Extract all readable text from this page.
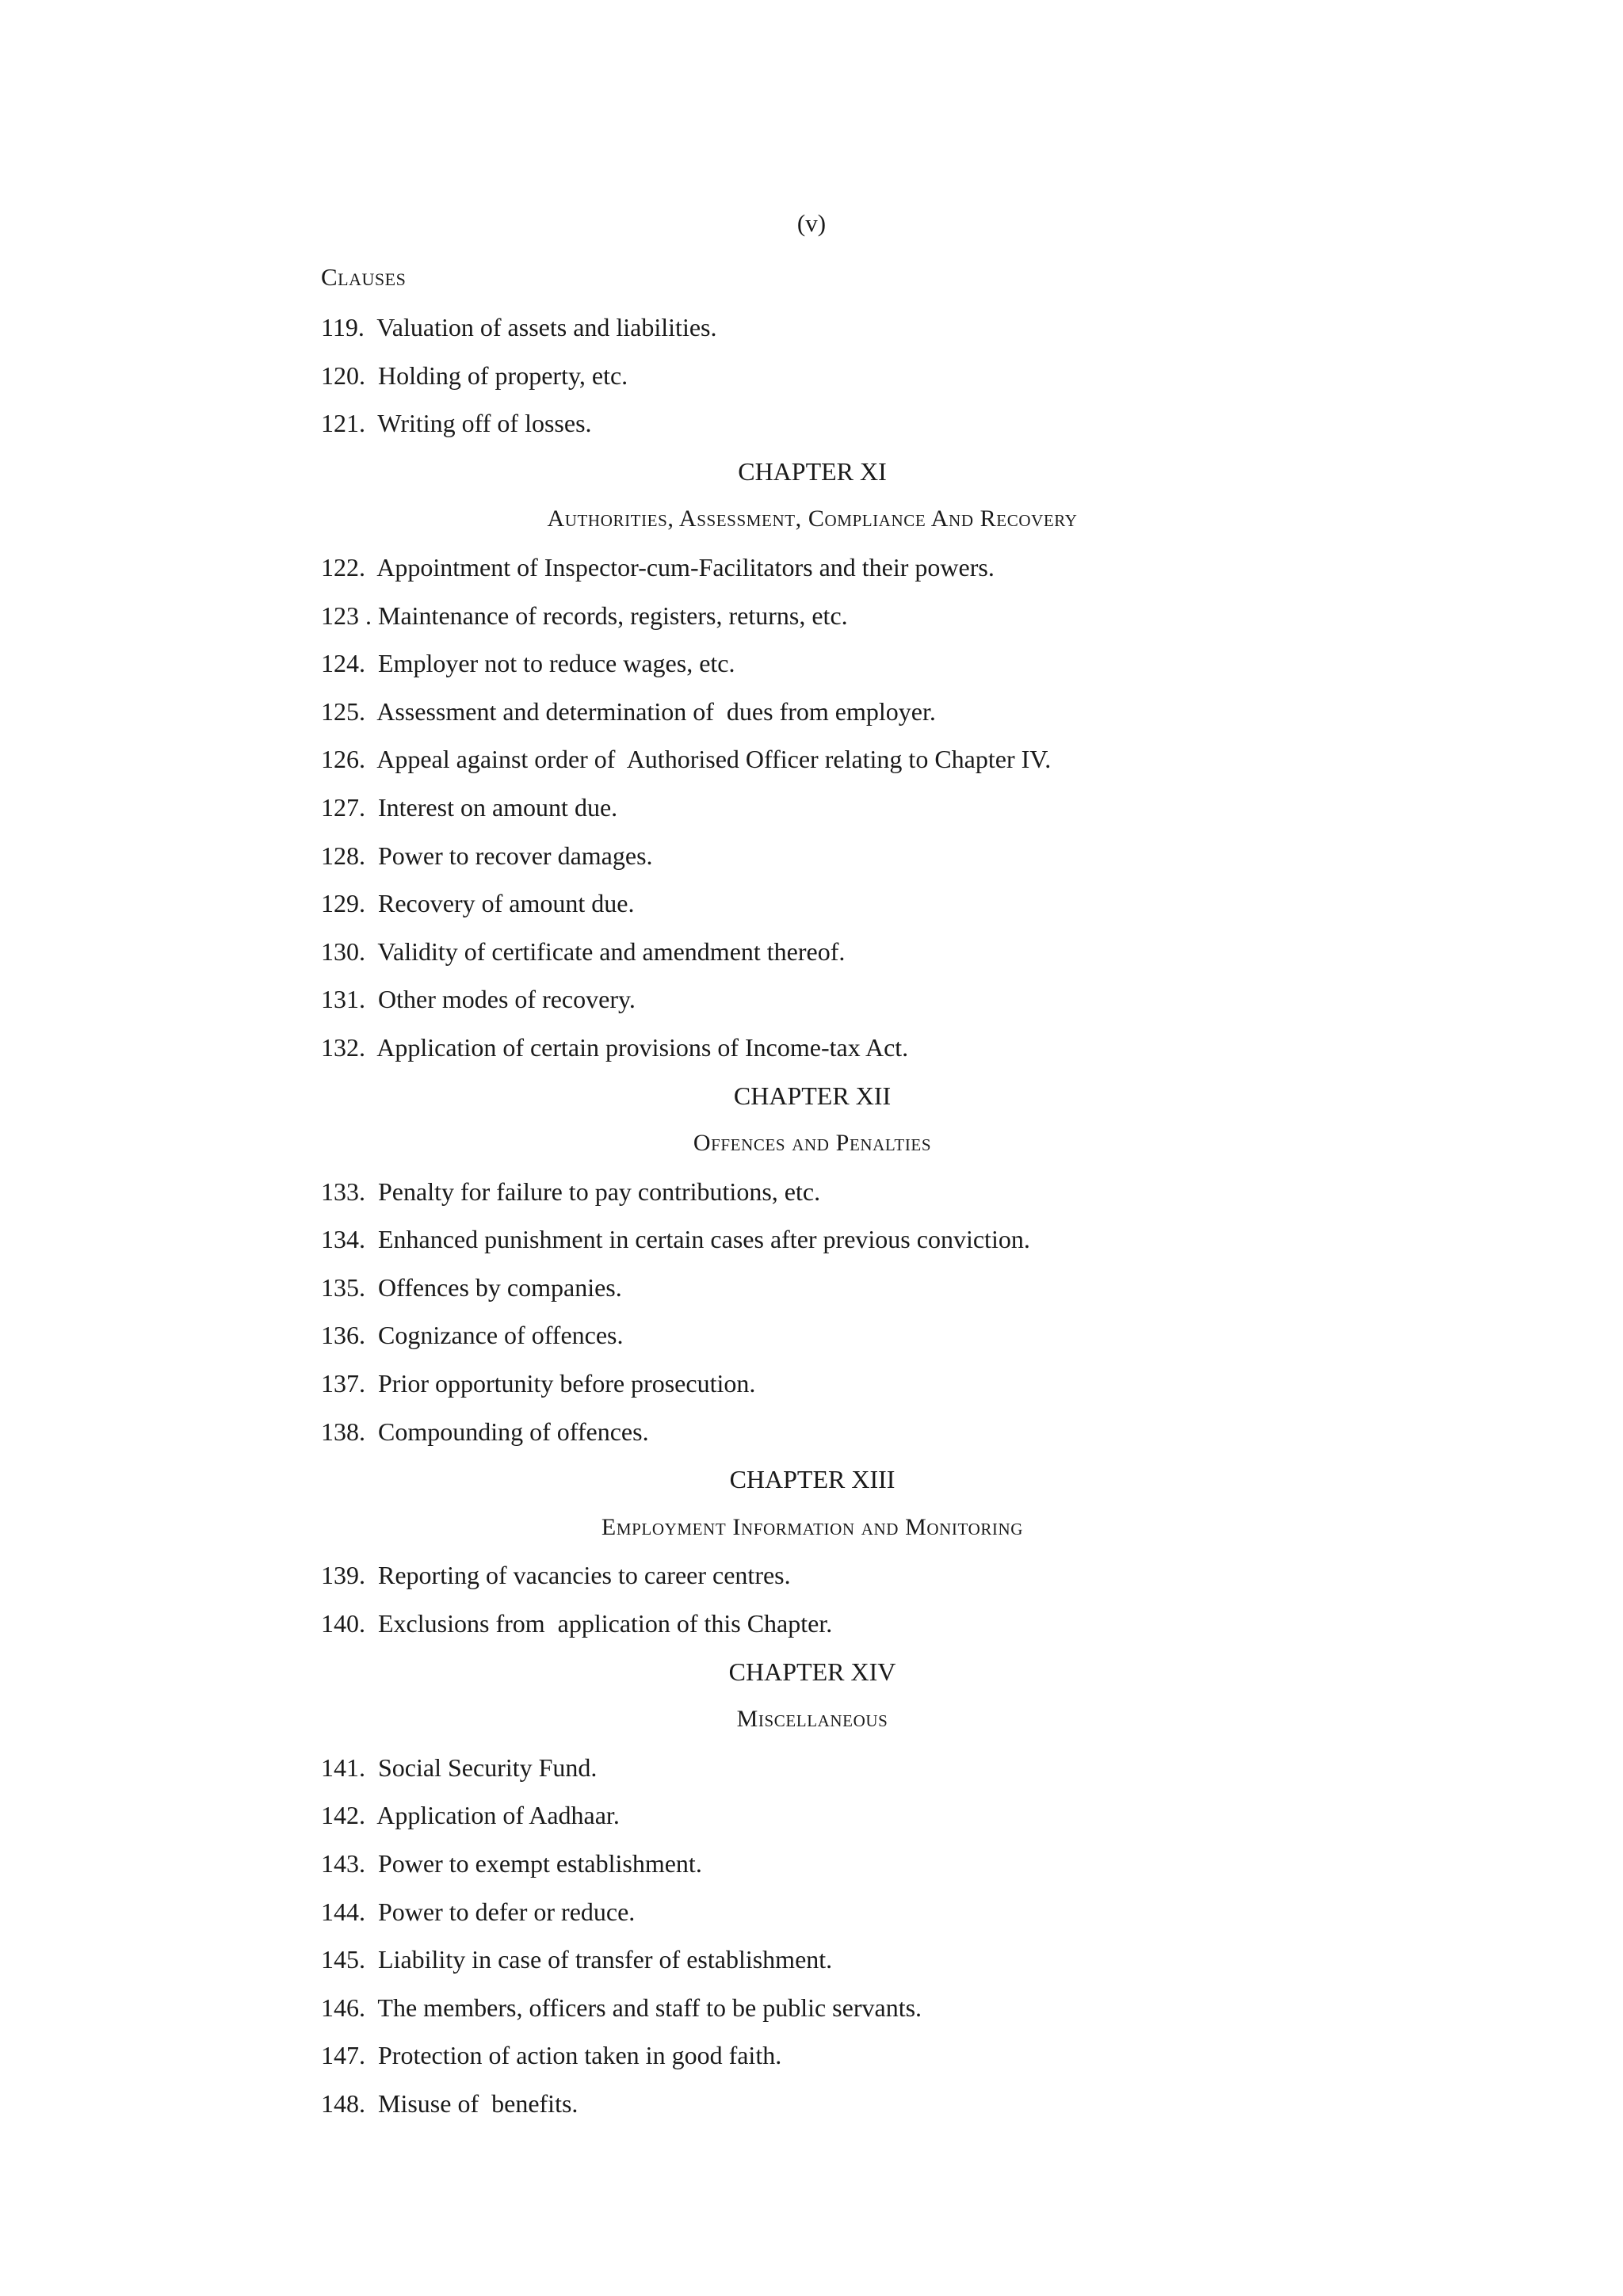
(v)
Clauses
119.  Valuation of assets and liabilities.
120.  Holding of property, etc.
121.  Writing off of losses.
CHAPTER XI
Authorities, Assessment, Compliance And Recovery
122.  Appointment of Inspector-cum-Facilitators and their powers.
123 . Maintenance of records, registers, returns, etc.
124.  Employer not to reduce wages, etc.
125.  Assessment and determination of  dues from employer.
126.  Appeal against order of  Authorised Officer relating to Chapter IV.
127.  Interest on amount due.
128.  Power to recover damages.
129.  Recovery of amount due.
130.  Validity of certificate and amendment thereof.
131.  Other modes of recovery.
132.  Application of certain provisions of Income-tax Act.
CHAPTER XII
Offences and Penalties
133.  Penalty for failure to pay contributions, etc.
134.  Enhanced punishment in certain cases after previous conviction.
135.  Offences by companies.
136.  Cognizance of offences.
137.  Prior opportunity before prosecution.
138.  Compounding of offences.
CHAPTER XIII
Employment Information and Monitoring
139.  Reporting of vacancies to career centres.
140.  Exclusions from  application of this Chapter.
CHAPTER XIV
Miscellaneous
141.  Social Security Fund.
142.  Application of Aadhaar.
143.  Power to exempt establishment.
144.  Power to defer or reduce.
145.  Liability in case of transfer of establishment.
146.  The members, officers and staff to be public servants.
147.  Protection of action taken in good faith.
148.  Misuse of  benefits.
